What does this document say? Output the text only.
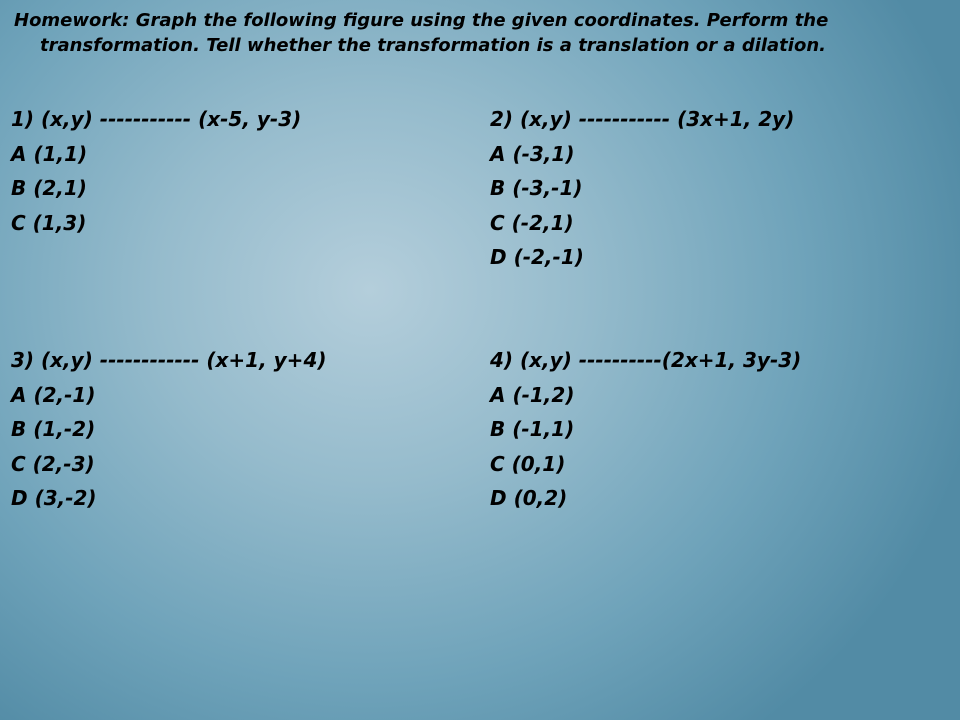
Homework: Graph the following figure using the given coordinates. Perform the
transformation. Tell whether the transformation is a translation or a dilation.
1) (x,y) ----------- (x-5, y-3)
A (1,1)
B (2,1)
C (1,3)
2) (x,y) ----------- (3x+1, 2y)
A (-3,1)
B (-3,-1)
C (-2,1)
D (-2,-1)
3) (x,y) ------------ (x+1, y+4)
A (2,-1)
B (1,-2)
C (2,-3)
D (3,-2)
4) (x,y) ----------(2x+1, 3y-3)
A (-1,2)
B (-1,1)
C (0,1)
D (0,2)
